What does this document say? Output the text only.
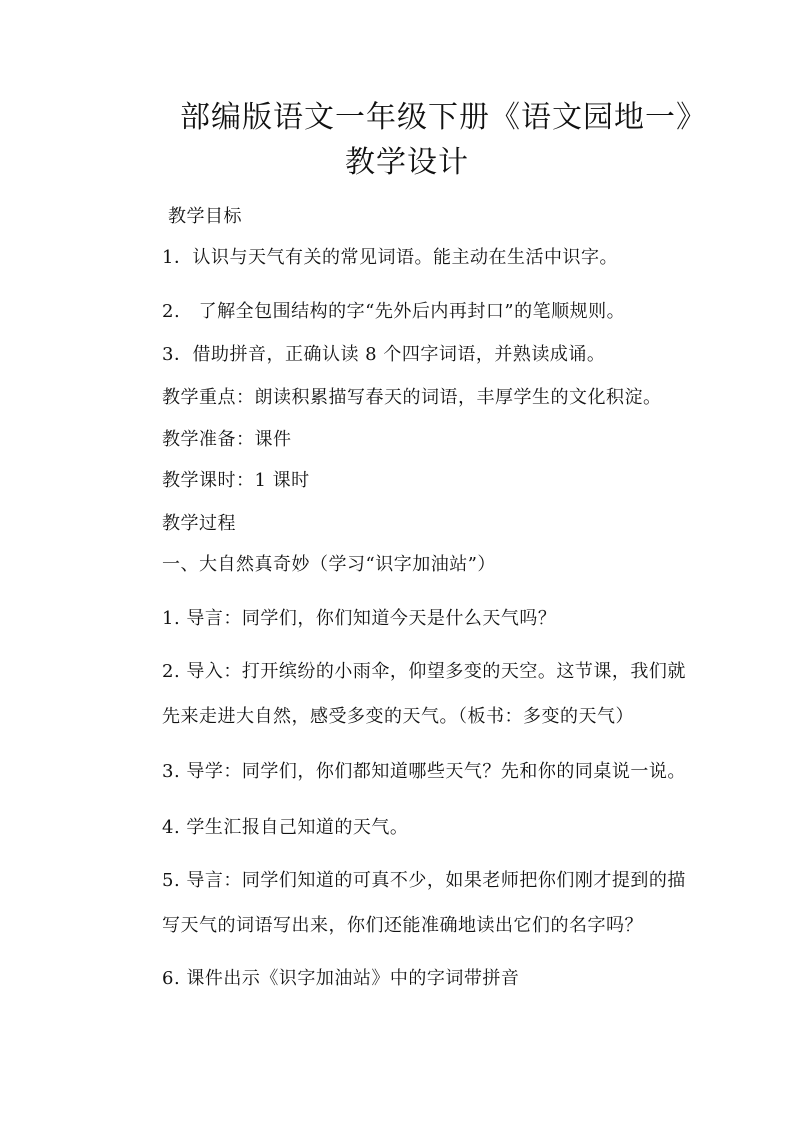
部编版语文一年级下册《语文园地一》
教学设计
教学目标
1．认识与天气有关的常见词语。能主动在生活中识字。
2.　了解全包围结构的字“先外后内再封口”的笔顺规则。
3．借助拼音，正确认读 8 个四字词语，并熟读成诵。
教学重点：朗读积累描写春天的词语，丰厚学生的文化积淀。
教学准备：课件
教学课时：1 课时
教学过程
一、大自然真奇妙（学习“识字加油站”）
1. 导言：同学们，你们知道今天是什么天气吗？
2. 导入：打开缤纷的小雨伞，仰望多变的天空。这节课，我们就
先来走进大自然，感受多变的天气。（板书：多变的天气）
3. 导学：同学们，你们都知道哪些天气？先和你的同桌说一说。
4. 学生汇报自己知道的天气。
5. 导言：同学们知道的可真不少，如果老师把你们刚才提到的描
写天气的词语写出来，你们还能准确地读出它们的名字吗？
6. 课件出示《识字加油站》中的字词带拼音
